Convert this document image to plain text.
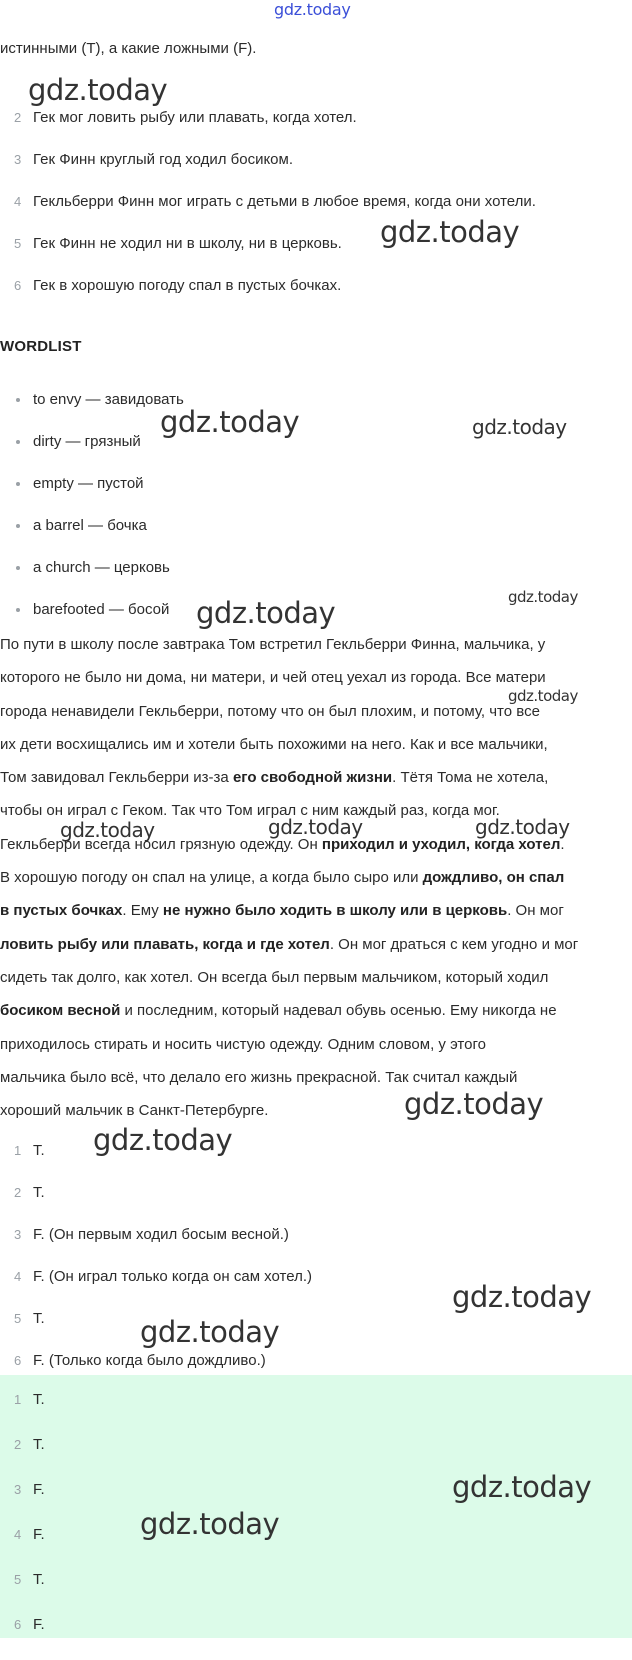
gdz.today

истинными (T), а какие ложными (F).

2 Гек мог ловить рыбу или плавать, когда хотел.
3 Гек Финн круглый год ходил босиком.
4 Гекльберри Финн мог играть с детьми в любое время, когда они хотели.
5 Гек Финн не ходил ни в школу, ни в церковь.
6 Гек в хорошую погоду спал в пустых бочках.
WORDLIST
to envy — завидовать
dirty — грязный
empty — пустой
a barrel — бочка
a church — церковь
barefooted — босой
По пути в школу после завтрака Том встретил Гекльберри Финна, мальчика, у
которого не было ни дома, ни матери, и чей отец уехал из города. Все матери
города ненавидели Гекльберри, потому что он был плохим, и потому, что все
их дети восхищались им и хотели быть похожими на него. Как и все мальчики,
Том завидовал Гекльберри из-за его свободной жизни. Тётя Тома не хотела,
чтобы он играл с Геком. Так что Том играл с ним каждый раз, когда мог.
Гекльберри всегда носил грязную одежду. Он приходил и уходил, когда хотел.
В хорошую погоду он спал на улице, а когда было сыро или дождливо, он спал
в пустых бочках. Ему не нужно было ходить в школу или в церковь. Он мог
ловить рыбу или плавать, когда и где хотел. Он мог драться с кем угодно и мог
сидеть так долго, как хотел. Он всегда был первым мальчиком, который ходил
босиком весной и последним, который надевал обувь осенью. Ему никогда не
приходилось стирать и носить чистую одежду. Одним словом, у этого
мальчика было всё, что делало его жизнь прекрасной. Так считал каждый
хороший мальчик в Санкт-Петербурге.
1 T.
2 T.
3 F. (Он первым ходил босым весной.)
4 F. (Он играл только когда он сам хотел.)
5 T.
6 F. (Только когда было дождливо.)
1 T.
2 T.
3 F.
4 F.
5 T.
6 F.
gdz.today
gdz.today
gdz.today	gdz.today
gdz.today
gdz.today
gdz.today
gdz.today	gdz.today	gdz.today
gdz.today
gdz.today
gdz.today
gdz.today
gdz.today
gdz.today
